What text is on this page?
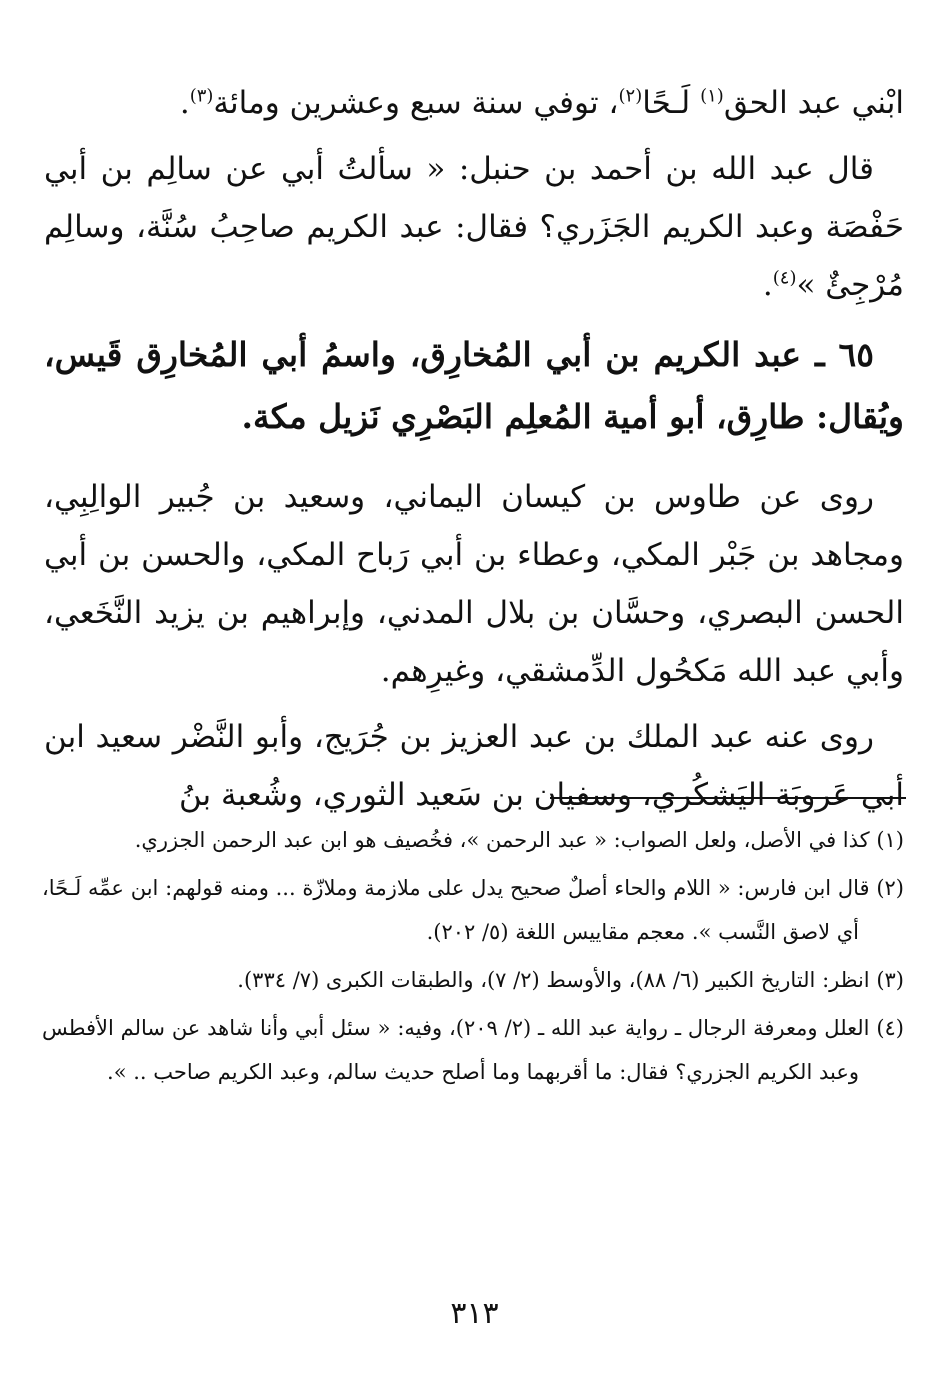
ابْني عبد الحق$^{(١)}$ لَـحًا$^{(٢)}$، توفي سنة سبع وعشرين ومائة$^{(٣)}$.

قال عبد الله بن أحمد بن حنبل: « سألتُ أبي عن سالِم بن أبي حَفْصَة وعبد الكريم الجَزَري؟ فقال: عبد الكريم صاحِبُ سُنَّة، وسالِم مُرْجِئٌ »$^{(٤)}$.

٦٥ ـ عبد الكريم بن أبي المُخارِق، واسمُ أبي المُخارِق قَيس، ويُقال: طارِق، أبو أمية المُعلِم البَصْرِي نَزيل مكة.

روى عن طاوس بن كيسان اليماني، وسعيد بن جُبير الوالِبِي، ومجاهد بن جَبْر المكي، وعطاء بن أبي رَباح المكي، والحسن بن أبي الحسن البصري، وحسَّان بن بلال المدني، وإبراهيم بن يزيد النَّخَعي، وأبي عبد الله مَكحُول الدِّمشقي، وغيرِهم.

روى عنه عبد الملك بن عبد العزيز بن جُرَيج، وأبو النَّضْر سعيد ابن أبي عَروبَة اليَشكُري، وسفيان بن سَعيد الثوري، وشُعبة بنُ

(١) كذا في الأصل، ولعل الصواب: « عبد الرحمن »، فخُصيف هو ابن عبد الرحمن الجزري.

(٢) قال ابن فارس: « اللام والحاء أصلٌ صحيح يدل على ملازمة وملازّة ... ومنه قولهم: ابن عمِّه لَـحًا، أي لاصق النَّسب ». معجم مقاييس اللغة (٥/ ٢٠٢).

(٣) انظر: التاريخ الكبير (٦/ ٨٨)، والأوسط (٢/ ٧)، والطبقات الكبرى (٧/ ٣٣٤).

(٤) العلل ومعرفة الرجال ـ رواية عبد الله ـ (٢/ ٢٠٩)، وفيه: « سئل أبي وأنا شاهد عن سالم الأفطس وعبد الكريم الجزري؟ فقال: ما أقربهما وما أصلح حديث سالم، وعبد الكريم صاحب .. ».

٣١٣
